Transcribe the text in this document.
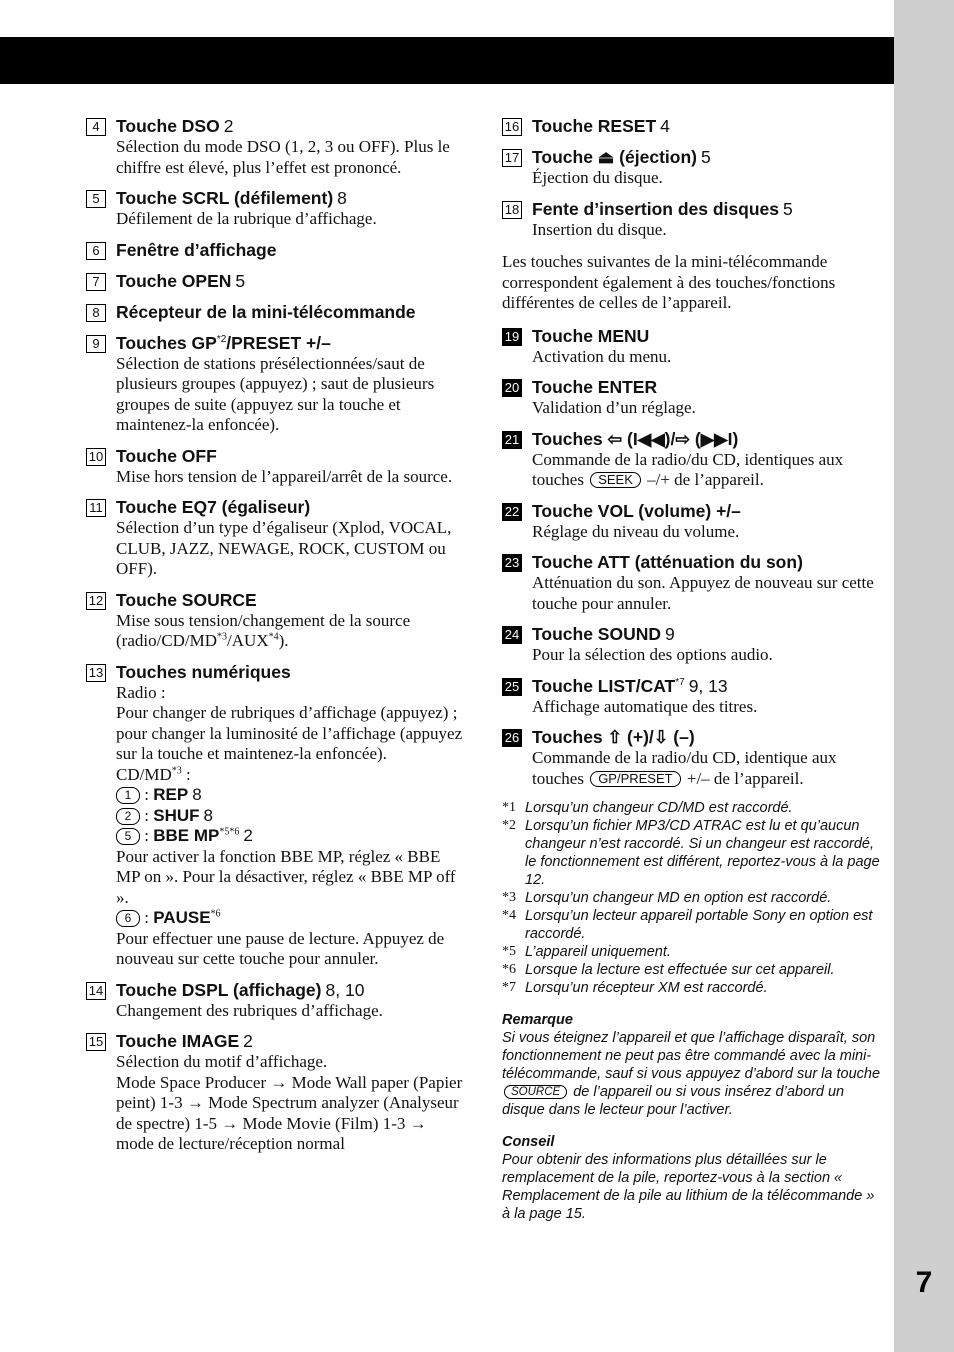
7
4 Touche DSO 2
Sélection du mode DSO (1, 2, 3 ou OFF). Plus le chiffre est élevé, plus l’effet est prononcé.
5 Touche SCRL (défilement) 8
Défilement de la rubrique d’affichage.
6 Fenêtre d’affichage
7 Touche OPEN 5
8 Récepteur de la mini-télécommande
9 Touches $GP^{*2}$/PRESET +/–
Sélection de stations présélectionnées/saut de plusieurs groupes (appuyez) ; saut de plusieurs groupes de suite (appuyez sur la touche et maintenez-la enfoncée).
10 Touche OFF
Mise hors tension de l’appareil/arrêt de la source.
11 Touche EQ7 (égaliseur)
Sélection d’un type d’égaliseur (Xplod, VOCAL, CLUB, JAZZ, NEWAGE, ROCK, CUSTOM ou OFF).
12 Touche SOURCE
Mise sous tension/changement de la source (radio/CD/MD$^{*3}$/AUX$^{*4}$).
13 Touches numériques
Radio :
Pour changer de rubriques d’affichage (appuyez) ; pour changer la luminosité de l’affichage (appuyez sur la touche et maintenez-la enfoncée).
CD/MD$^{*3}$ :
1 : REP 8
2 : SHUF 8
5 : BBE $MP^{*5*6}$ 2
Pour activer la fonction BBE MP, réglez « BBE MP on ». Pour la désactiver, réglez « BBE MP off ».
6 : PAUSE$^{*6}$
Pour effectuer une pause de lecture. Appuyez de nouveau sur cette touche pour annuler.
14 Touche DSPL (affichage) 8, 10
Changement des rubriques d’affichage.
15 Touche IMAGE 2
Sélection du motif d’affichage.
Mode Space Producer → Mode Wall paper (Papier peint) 1-3 → Mode Spectrum analyzer (Analyseur de spectre) 1-5 → Mode Movie (Film) 1-3 → mode de lecture/réception normal
16 Touche RESET 4
17 Touche ⏏ (éjection) 5
Éjection du disque.
18 Fente d’insertion des disques 5
Insertion du disque.
Les touches suivantes de la mini-télécommande correspondent également à des touches/fonctions différentes de celles de l’appareil.
19 Touche MENU
Activation du menu.
20 Touche ENTER
Validation d’un réglage.
21 Touches ⇦ (I◀◀)/⇨ (▶▶I)
Commande de la radio/du CD, identiques aux touches SEEK –/+ de l’appareil.
22 Touche VOL (volume) +/–
Réglage du niveau du volume.
23 Touche ATT (atténuation du son)
Atténuation du son. Appuyez de nouveau sur cette touche pour annuler.
24 Touche SOUND 9
Pour la sélection des options audio.
25 Touche LIST/CAT$^{*7}$ 9, 13
Affichage automatique des titres.
26 Touches ⇧ (+)/⇩ (–)
Commande de la radio/du CD, identique aux touches GP/PRESET +/– de l’appareil.
*1 Lorsqu’un changeur CD/MD est raccordé.
*2 Lorsqu’un fichier MP3/CD ATRAC est lu et qu’aucun changeur n’est raccordé. Si un changeur est raccordé, le fonctionnement est différent, reportez-vous à la page 12.
*3 Lorsqu’un changeur MD en option est raccordé.
*4 Lorsqu’un lecteur appareil portable Sony en option est raccordé.
*5 L’appareil uniquement.
*6 Lorsque la lecture est effectuée sur cet appareil.
*7 Lorsqu’un récepteur XM est raccordé.
Remarque
Si vous éteignez l’appareil et que l’affichage disparaît, son fonctionnement ne peut pas être commandé avec la mini-télécommande, sauf si vous appuyez d’abord sur la touche SOURCE de l’appareil ou si vous insérez d’abord un disque dans le lecteur pour l’activer.
Conseil
Pour obtenir des informations plus détaillées sur le remplacement de la pile, reportez-vous à la section « Remplacement de la pile au lithium de la télécommande » à la page 15.
